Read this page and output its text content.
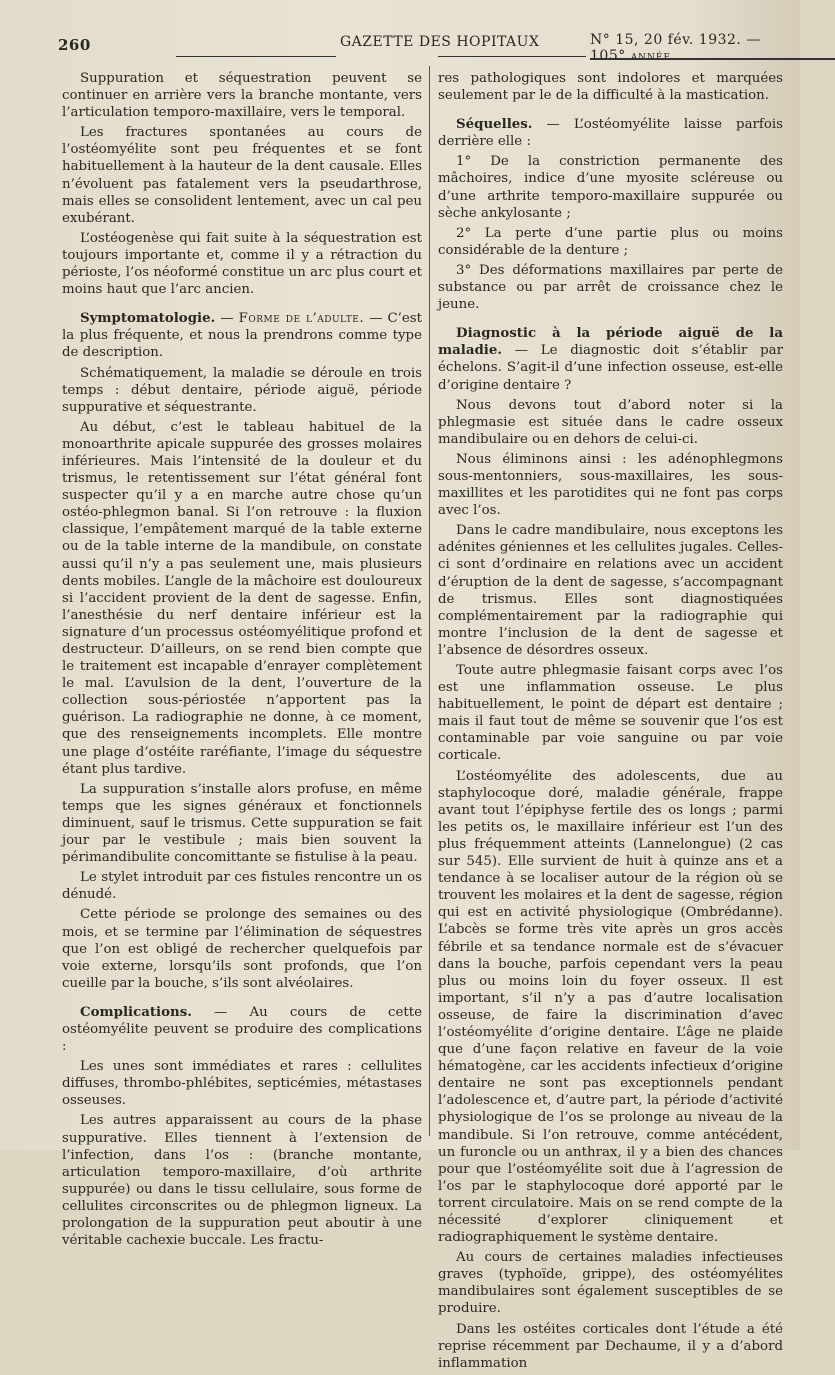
260	GAZETTE DES HOPITAUX	N° 15, 20 fév. 1932. — 105° ANNÉE.

Suppuration et séquestration peuvent se continuer en arrière vers la branche montante, vers l’articulation temporo-maxillaire, vers le temporal.

Les fractures spontanées au cours de l’ostéomyélite sont peu fréquentes et se font habituellement à la hauteur de la dent causale. Elles n’évoluent pas fatalement vers la pseudarthrose, mais elles se consolident lentement, avec un cal peu exubérant.

L’ostéogenèse qui fait suite à la séquestration est toujours importante et, comme il y a rétraction du périoste, l’os néoformé constitue un arc plus court et moins haut que l’arc ancien.

Symptomatologie. — Forme de l’adulte. — C’est la plus fréquente, et nous la prendrons comme type de description.

Schématiquement, la maladie se déroule en trois temps : début dentaire, période aiguë, période suppurative et séquestrante.

Au début, c’est le tableau habituel de la monoarthrite apicale suppurée des grosses molaires inférieures. Mais l’intensité de la douleur et du trismus, le retentissement sur l’état général font suspecter qu’il y a en marche autre chose qu’un ostéo-phlegmon banal. Si l’on retrouve : la fluxion classique, l’empâtement marqué de la table externe ou de la table interne de la mandibule, on constate aussi qu’il n’y a pas seulement une, mais plusieurs dents mobiles. L’angle de la mâchoire est douloureux si l’accident provient de la dent de sagesse. Enfin, l’anesthésie du nerf dentaire inférieur est la signature d’un processus ostéomyélitique profond et destructeur. D’ailleurs, on se rend bien compte que le traitement est incapable d’enrayer complètement le mal. L’avulsion de la dent, l’ouverture de la collection sous-périostée n’apportent pas la guérison. La radiographie ne donne, à ce moment, que des renseignements incomplets. Elle montre une plage d’ostéite raréfiante, l’image du séquestre étant plus tardive.

La suppuration s’installe alors profuse, en même temps que les signes généraux et fonctionnels diminuent, sauf le trismus. Cette suppuration se fait jour par le vestibule ; mais bien souvent la périmandibulite concomittante se fistulise à la peau.

Le stylet introduit par ces fistules rencontre un os dénudé.

Cette période se prolonge des semaines ou des mois, et se termine par l’élimination de séquestres que l’on est obligé de rechercher quelquefois par voie externe, lorsqu’ils sont profonds, que l’on cueille par la bouche, s’ils sont alvéolaires.

Complications. — Au cours de cette ostéomyélite peuvent se produire des complications :

Les unes sont immédiates et rares : cellulites diffuses, thrombo-phlébites, septicémies, métastases osseuses.

Les autres apparaissent au cours de la phase suppurative. Elles tiennent à l’extension de l’infection, dans l’os : (branche montante, articulation temporo-maxillaire, d’où arthrite suppurée) ou dans le tissu cellulaire, sous forme de cellulites circonscrites ou de phlegmon ligneux. La prolongation de la suppuration peut aboutir à une véritable cachexie buccale. Les fractu-

res pathologiques sont indolores et marquées seulement par le de la difficulté à la mastication.

Séquelles. — L’ostéomyélite laisse parfois derrière elle :

1° De la constriction permanente des mâchoires, indice d’une myosite scléreuse ou d’une arthrite temporo-maxillaire suppurée ou sèche ankylosante ;

2° La perte d’une partie plus ou moins considérable de la denture ;

3° Des déformations maxillaires par perte de substance ou par arrêt de croissance chez le jeune.

Diagnostic à la période aiguë de la maladie. — Le diagnostic doit s’établir par échelons. S’agit-il d’une infection osseuse, est-elle d’origine dentaire ?

Nous devons tout d’abord noter si la phlegmasie est située dans le cadre osseux mandibulaire ou en dehors de celui-ci.

Nous éliminons ainsi : les adénophlegmons sous-mentonniers, sous-maxillaires, les sous-maxillites et les parotidites qui ne font pas corps avec l’os.

Dans le cadre mandibulaire, nous exceptons les adénites géniennes et les cellulites jugales. Celles-ci sont d’ordinaire en relations avec un accident d’éruption de la dent de sagesse, s’accompagnant de trismus. Elles sont diagnostiquées complémentairement par la radiographie qui montre l’inclusion de la dent de sagesse et l’absence de désordres osseux.

Toute autre phlegmasie faisant corps avec l’os est une inflammation osseuse. Le plus habituellement, le point de départ est dentaire ; mais il faut tout de même se souvenir que l’os est contaminable par voie sanguine ou par voie corticale.

L’ostéomyélite des adolescents, due au staphylocoque doré, maladie générale, frappe avant tout l’épiphyse fertile des os longs ; parmi les petits os, le maxillaire inférieur est l’un des plus fréquemment atteints (Lannelongue) (2 cas sur 545). Elle survient de huit à quinze ans et a tendance à se localiser autour de la région où se trouvent les molaires et la dent de sagesse, région qui est en activité physiologique (Ombrédanne). L’abcès se forme très vite après un gros accès fébrile et sa tendance normale est de s’évacuer dans la bouche, parfois cependant vers la peau plus ou moins loin du foyer osseux. Il est important, s’il n’y a pas d’autre localisation osseuse, de faire la discrimination d’avec l’ostéomyélite d’origine dentaire. L’âge ne plaide que d’une façon relative en faveur de la voie hématogène, car les accidents infectieux d’origine dentaire ne sont pas exceptionnels pendant l’adolescence et, d’autre part, la période d’activité physiologique de l’os se prolonge au niveau de la mandibule. Si l’on retrouve, comme antécédent, un furoncle ou un anthrax, il y a bien des chances pour que l’ostéomyélite soit due à l’agression de l’os par le staphylocoque doré apporté par le torrent circulatoire. Mais on se rend compte de la nécessité d’explorer cliniquement et radiographiquement le système dentaire.

Au cours de certaines maladies infectieuses graves (typhoïde, grippe), des ostéomyélites mandibulaires sont également susceptibles de se produire.

Dans les ostéites corticales dont l’étude a été reprise récemment par Dechaume, il y a d’abord inflammation
